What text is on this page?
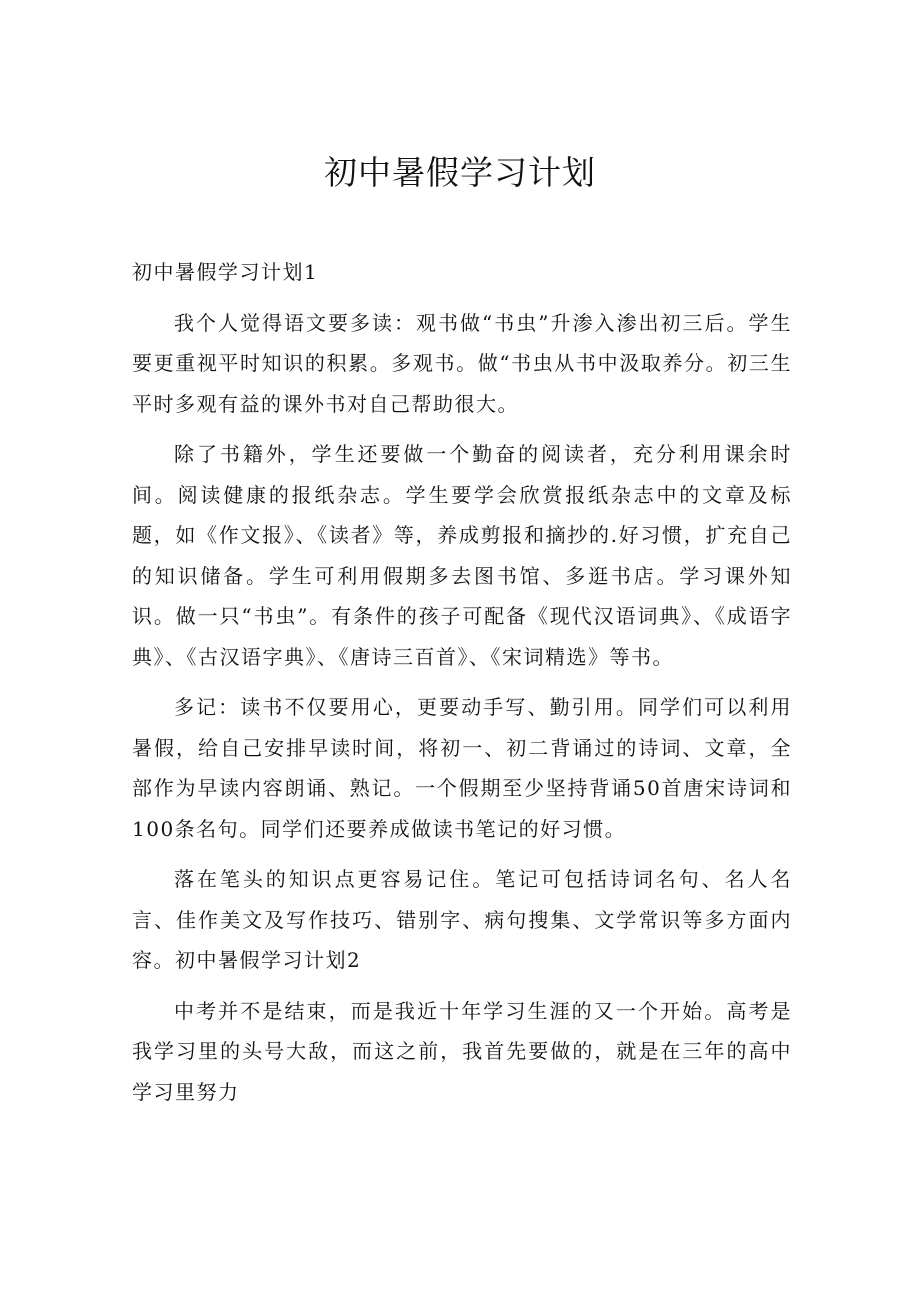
初中暑假学习计划

初中暑假学习计划1

我个人觉得语文要多读：观书做“书虫”升渗入渗出初三后。学生要更重视平时知识的积累。多观书。做“书虫从书中汲取养分。初三生平时多观有益的课外书对自己帮助很大。

除了书籍外，学生还要做一个勤奋的阅读者，充分利用课余时间。阅读健康的报纸杂志。学生要学会欣赏报纸杂志中的文章及标题，如《作文报》、《读者》等，养成剪报和摘抄的.好习惯，扩充自己的知识储备。学生可利用假期多去图书馆、多逛书店。学习课外知识。做一只“书虫”。有条件的孩子可配备《现代汉语词典》、《成语字典》、《古汉语字典》、《唐诗三百首》、《宋词精选》等书。

多记：读书不仅要用心，更要动手写、勤引用。同学们可以利用暑假，给自己安排早读时间，将初一、初二背诵过的诗词、文章，全部作为早读内容朗诵、熟记。一个假期至少坚持背诵50首唐宋诗词和100条名句。同学们还要养成做读书笔记的好习惯。

落在笔头的知识点更容易记住。笔记可包括诗词名句、名人名言、佳作美文及写作技巧、错别字、病句搜集、文学常识等多方面内容。初中暑假学习计划2

中考并不是结束，而是我近十年学习生涯的又一个开始。高考是我学习里的头号大敌，而这之前，我首先要做的，就是在三年的高中学习里努力
